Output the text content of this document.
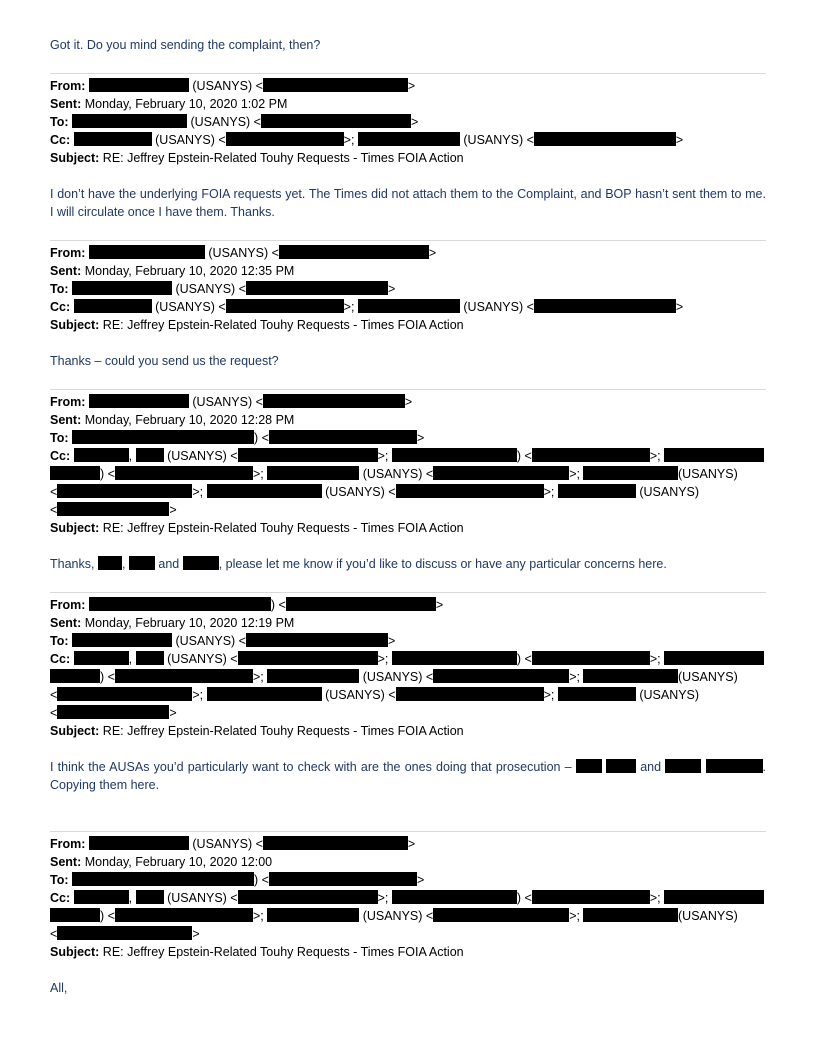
Got it. Do you mind sending the complaint, then?
From:	(USANYS) <	>
Sent: Monday, February 10, 2020 1:02 PM
To:	(USANYS) <	>
Cc:	(USANYS) <	>;	(USANYS) <	>
Subject: RE: Jeffrey Epstein-Related Touhy Requests - Times FOIA Action
I don’t have the underlying FOIA requests yet. The Times did not attach them to the Complaint, and BOP hasn’t sent them to me. I will circulate once I have them. Thanks.
From:	(USANYS) <	>
Sent: Monday, February 10, 2020 12:35 PM
To:	(USANYS) <	>
Cc:	(USANYS) <	>;	(USANYS) <	>
Subject: RE: Jeffrey Epstein-Related Touhy Requests - Times FOIA Action
Thanks – could you send us the request?
From:	(USANYS) <	>
Sent: Monday, February 10, 2020 12:28 PM
To:	) <	>
Cc:	,	(USANYS) <	>;	) <	>;
) <	>;	(USANYS) <	>;	(USANYS)
<	>;	(USANYS) <	>;	(USANYS)
<	>
Subject: RE: Jeffrey Epstein-Related Touhy Requests - Times FOIA Action
Thanks, ,  and	, please let me know if you’d like to discuss or have any particular concerns here.
From:	) <	>
Sent: Monday, February 10, 2020 12:19 PM
To:	(USANYS) <	>
Cc:	,	(USANYS) <	>;	) <	>;
) <	>;	(USANYS) <	>;	(USANYS)
<	>;	(USANYS) <	>;	(USANYS)
<	>
Subject: RE: Jeffrey Epstein-Related Touhy Requests - Times FOIA Action
I think the AUSAs you’d particularly want to check with are the ones doing that prosecution –	and	. Copying them here.
From:	(USANYS) <	>
Sent: Monday, February 10, 2020 12:00
To:	) <	>
Cc:	,	(USANYS) <	>;	) <	>;
) <	>;	(USANYS) <	>;	(USANYS)
<	>
Subject: RE: Jeffrey Epstein-Related Touhy Requests - Times FOIA Action
All,
